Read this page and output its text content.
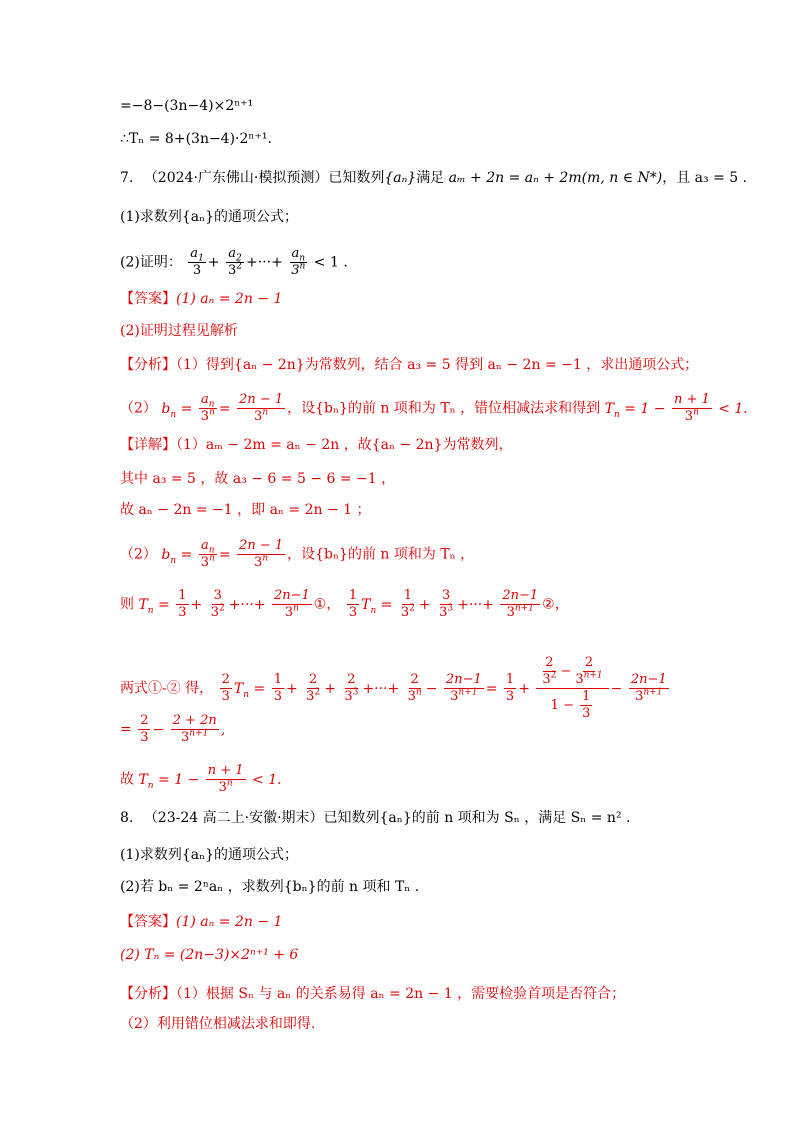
=−8−(3n−4)×2ⁿ⁺¹
∴Tₙ = 8+(3n−4)·2ⁿ⁺¹.
7. （2024·广东佛山·模拟预测）已知数列{aₙ}满足 aₘ + 2n = aₙ + 2m(m, n ∈ N*)，且 a₃ = 5 .
(1)求数列{aₙ}的通项公式；
(2)证明： $\frac{a_1}{3} + \frac{a_2}{3^2}$ +···+ $\frac{a_n}{3^n} < 1$ .
【答案】(1) aₙ = 2n − 1
(2)证明过程见解析
【分析】（1）得到{aₙ − 2n}为常数列，结合 a₃ = 5 得到 aₙ − 2n = −1 ，求出通项公式；
（2） $b_n = \frac{a_n}{3^n} = \frac{2n - 1}{3^n}$ ，设{bₙ}的前 n 项和为 Tₙ ，错位相减法求和得到 $T_n = 1 - \frac{n + 1}{3^n} < 1$.
【详解】（1）aₘ − 2m = aₙ − 2n ，故{aₙ − 2n}为常数列，
其中 a₃ = 5 ，故 a₃ − 6 = 5 − 6 = −1 ，
故 aₙ − 2n = −1 ，即 aₙ = 2n − 1 ；
（2） $b_n = \frac{a_n}{3^n} = \frac{2n - 1}{3^n}$ ，设{bₙ}的前 n 项和为 Tₙ ，
则 $T_n = \frac{1}{3} + \frac{3}{3^2}$ +···+ $\frac{2n-1}{3^n}$ ①， $\frac{1}{3} T_n = \frac{1}{3^2} + \frac{3}{3^3}$ +···+ $\frac{2n-1}{3^{n+1}}$ ②，
两式①-② 得， $\frac{2}{3} T_n = \frac{1}{3} + \frac{2}{3^2} + \frac{2}{3^3}$ +···+ $\frac{2}{3^n} - \frac{2n-1}{3^{n+1}} = \frac{1}{3} + \frac{\frac{2}{3^2} - \frac{2}{3^{n+1}}}{1 - \frac{1}{3}} - \frac{2n-1}{3^{n+1}}$
= $\frac{2}{3} - \frac{2 + 2n}{3^{n+1}}$ ,
故 $T_n = 1 - \frac{n + 1}{3^n} < 1$.
8. （23-24 高二上·安徽·期末）已知数列{aₙ}的前 n 项和为 Sₙ ，满足 Sₙ = n² .
(1)求数列{aₙ}的通项公式；
(2)若 bₙ = 2ⁿaₙ ，求数列{bₙ}的前 n 项和 Tₙ .
【答案】(1) aₙ = 2n − 1
(2) Tₙ = (2n−3)×2ⁿ⁺¹ + 6
【分析】（1）根据 Sₙ 与 aₙ 的关系易得 aₙ = 2n − 1 ，需要检验首项是否符合；
（2）利用错位相减法求和即得.
